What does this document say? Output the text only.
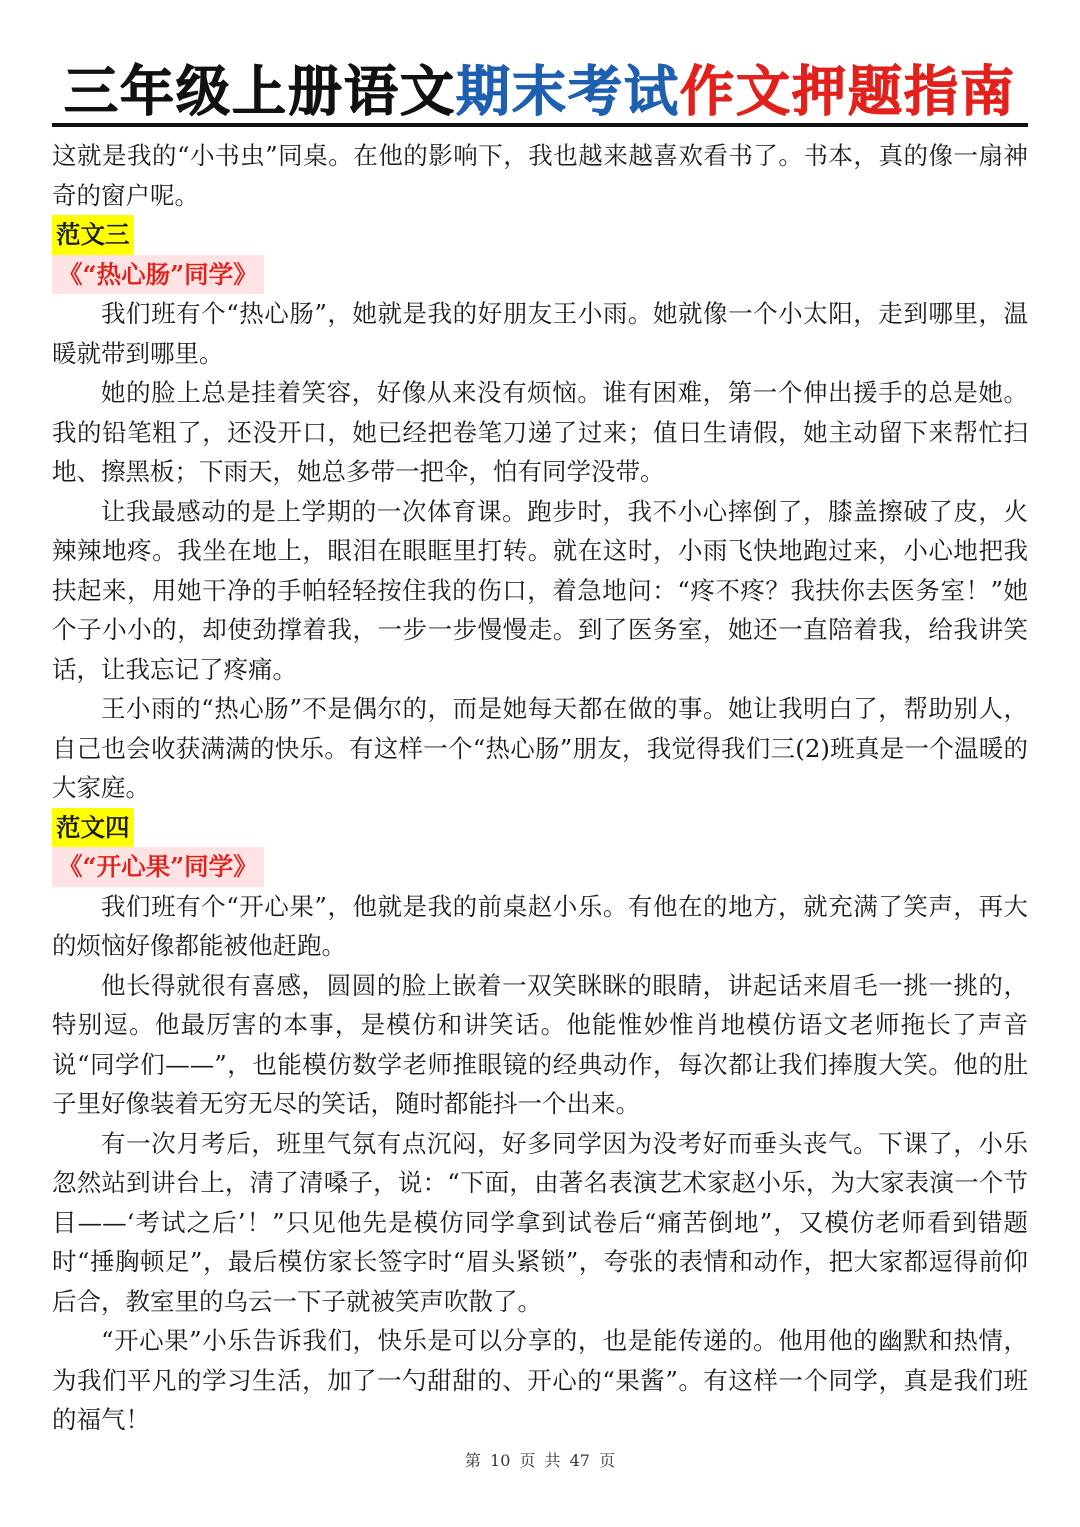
三年级上册语文期末考试作文押题指南

这就是我的“小书虫”同桌。在他的影响下，我也越来越喜欢看书了。书本，真的像一扇神奇的窗户呢。

范文三

《“热心肠”同学》

我们班有个“热心肠”，她就是我的好朋友王小雨。她就像一个小太阳，走到哪里，温暖就带到哪里。

她的脸上总是挂着笑容，好像从来没有烦恼。谁有困难，第一个伸出援手的总是她。我的铅笔粗了，还没开口，她已经把卷笔刀递了过来；值日生请假，她主动留下来帮忙扫地、擦黑板；下雨天，她总多带一把伞，怕有同学没带。

让我最感动的是上学期的一次体育课。跑步时，我不小心摔倒了，膝盖擦破了皮，火辣辣地疼。我坐在地上，眼泪在眼眶里打转。就在这时，小雨飞快地跑过来，小心地把我扶起来，用她干净的手帕轻轻按住我的伤口，着急地问：“疼不疼？我扶你去医务室！”她个子小小的，却使劲撑着我，一步一步慢慢走。到了医务室，她还一直陪着我，给我讲笑话，让我忘记了疼痛。

王小雨的“热心肠”不是偶尔的，而是她每天都在做的事。她让我明白了，帮助别人，自己也会收获满满的快乐。有这样一个“热心肠”朋友，我觉得我们三(2)班真是一个温暖的大家庭。

范文四

《“开心果”同学》

我们班有个“开心果”，他就是我的前桌赵小乐。有他在的地方，就充满了笑声，再大的烦恼好像都能被他赶跑。

他长得就很有喜感，圆圆的脸上嵌着一双笑眯眯的眼睛，讲起话来眉毛一挑一挑的，特别逗。他最厉害的本事，是模仿和讲笑话。他能惟妙惟肖地模仿语文老师拖长了声音说“同学们——”，也能模仿数学老师推眼镜的经典动作，每次都让我们捧腹大笑。他的肚子里好像装着无穷无尽的笑话，随时都能抖一个出来。

有一次月考后，班里气氛有点沉闷，好多同学因为没考好而垂头丧气。下课了，小乐忽然站到讲台上，清了清嗓子，说：“下面，由著名表演艺术家赵小乐，为大家表演一个节目——‘考试之后’！”只见他先是模仿同学拿到试卷后“痛苦倒地”，又模仿老师看到错题时“捶胸顿足”，最后模仿家长签字时“眉头紧锁”，夸张的表情和动作，把大家都逗得前仰后合，教室里的乌云一下子就被笑声吹散了。

“开心果”小乐告诉我们，快乐是可以分享的，也是能传递的。他用他的幽默和热情，为我们平凡的学习生活，加了一勺甜甜的、开心的“果酱”。有这样一个同学，真是我们班的福气！

第 10 页 共 47 页
